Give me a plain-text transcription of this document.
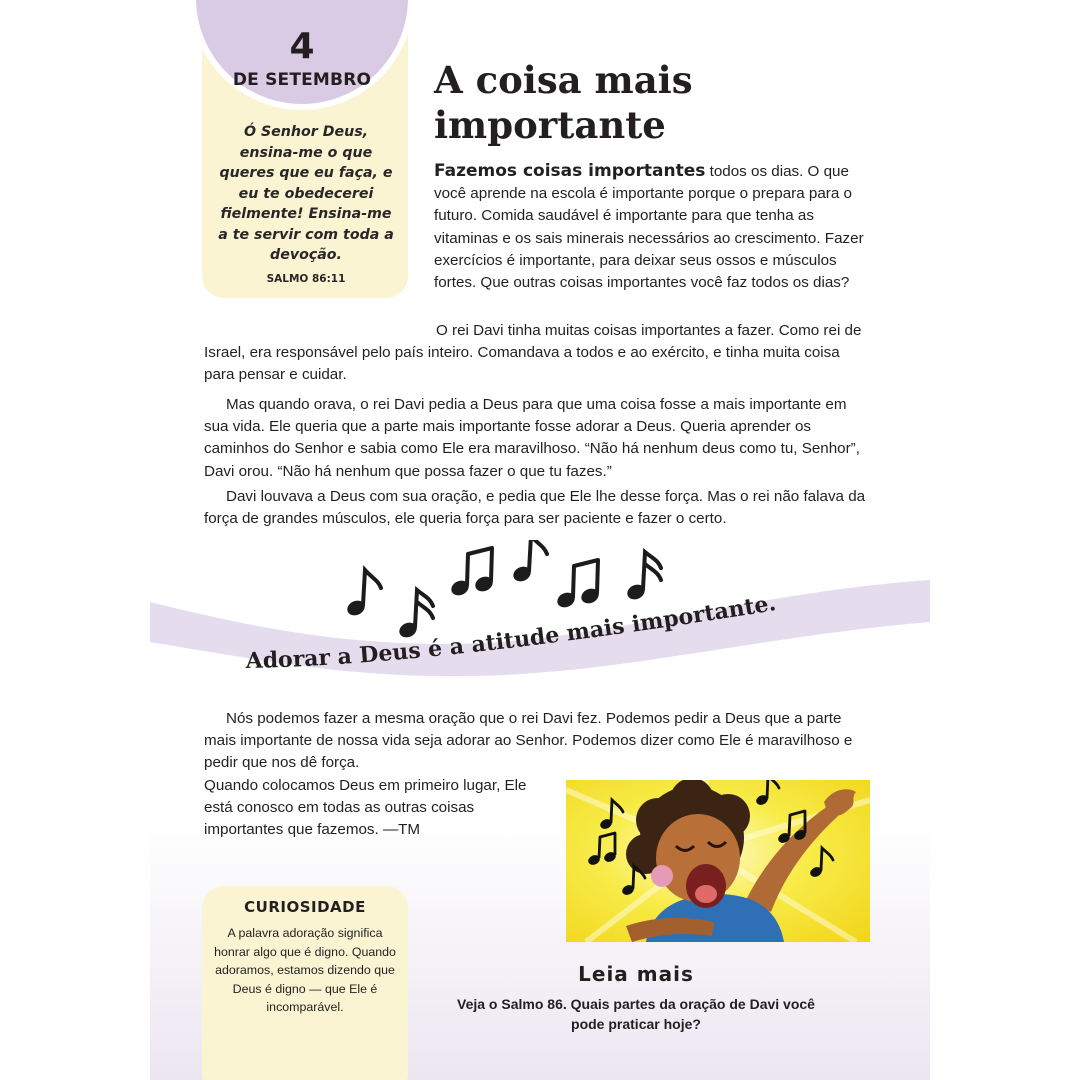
4
DE SETEMBRO
Ó Senhor Deus, ensina-me o que queres que eu faça, e eu te obedecerei fielmente! Ensina-me a te servir com toda a devoção.
SALMO 86:11
A coisa mais importante

Fazemos coisas importantes todos os dias. O que você aprende na escola é importante porque o prepara para o futuro. Comida saudável é importante para que tenha as vitaminas e os sais minerais necessários ao crescimento. Fazer exercícios é importante, para deixar seus ossos e músculos fortes. Que outras coisas importantes você faz todos os dias?

O rei Davi tinha muitas coisas importantes a fazer. Como rei de Israel, era responsável pelo país inteiro. Comandava a todos e ao exército, e tinha muita coisa para pensar e cuidar.

Mas quando orava, o rei Davi pedia a Deus para que uma coisa fosse a mais importante em sua vida. Ele queria que a parte mais importante fosse adorar a Deus. Queria aprender os caminhos do Senhor e sabia como Ele era maravilhoso. “Não há nenhum deus como tu, Senhor”, Davi orou. “Não há nenhum que possa fazer o que tu fazes.”

Davi louvava a Deus com sua oração, e pedia que Ele lhe desse força. Mas o rei não falava da força de grandes músculos, ele queria força para ser paciente e fazer o certo.

Adorar a Deus é a atitude mais importante.
Nós podemos fazer a mesma oração que o rei Davi fez. Podemos pedir a Deus que a parte mais importante de nossa vida seja adorar ao Senhor. Podemos dizer como Ele é maravilhoso e pedir que nos dê força.
Quando colocamos Deus em primeiro lugar, Ele está conosco em todas as outras coisas importantes que fazemos. —TM
CURIOSIDADE
A palavra adoração significa honrar algo que é digno. Quando adoramos, estamos dizendo que Deus é digno — que Ele é incomparável.
Leia mais
Veja o Salmo 86. Quais partes da oração de Davi você pode praticar hoje?
